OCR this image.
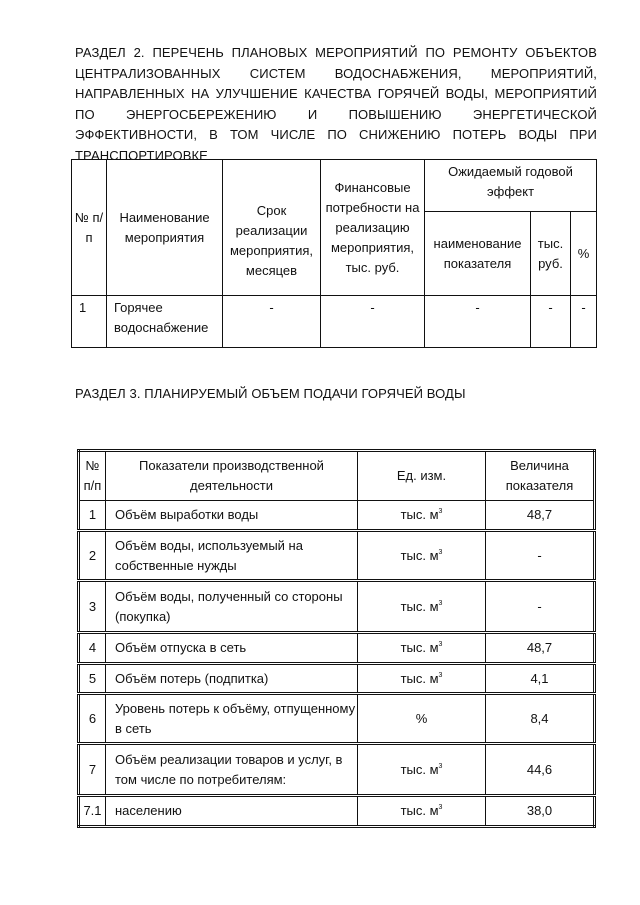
РАЗДЕЛ 2. ПЕРЕЧЕНЬ ПЛАНОВЫХ МЕРОПРИЯТИЙ ПО РЕМОНТУ ОБЪЕКТОВ ЦЕНТРАЛИЗОВАННЫХ СИСТЕМ ВОДОСНАБЖЕНИЯ, МЕРОПРИЯТИЙ, НАПРАВЛЕННЫХ НА УЛУЧШЕНИЕ КАЧЕСТВА ГОРЯЧЕЙ ВОДЫ, МЕРОПРИЯТИЙ ПО ЭНЕРГОСБЕРЕЖЕНИЮ И ПОВЫШЕНИЮ ЭНЕРГЕТИЧЕСКОЙ ЭФФЕКТИВНОСТИ, В ТОМ ЧИСЛЕ ПО СНИЖЕНИЮ ПОТЕРЬ ВОДЫ ПРИ ТРАНСПОРТИРОВКЕ
№ п/п	Наименование мероприятия	Срок реализации мероприятия, месяцев	Финансовые потребности на реализацию мероприятия, тыс. руб.	Ожидаемый годовой эффект		
				наименование показателя	тыс. руб.	%
1	Горячее водоснабжение	-	-	-	-	-
РАЗДЕЛ 3. ПЛАНИРУЕМЫЙ ОБЪЕМ ПОДАЧИ ГОРЯЧЕЙ ВОДЫ
№ п/п	Показатели производственной деятельности	Ед. изм.	Величина показателя
1	Объём выработки воды	тыс. $м^3$	48,7
2	Объём воды, используемый на собственные нужды	тыс. $м^3$	-
3	Объём воды, полученный со стороны (покупка)	тыс. $м^3$	-
4	Объём отпуска в сеть	тыс. $м^3$	48,7
5	Объём потерь (подпитка)	тыс. $м^3$	4,1
6	Уровень потерь к объёму, отпущенному в сеть	%	8,4
7	Объём реализации товаров и услуг, в том числе по потребителям:	тыс. $м^3$	44,6
7.1	населению	тыс. $м^3$	38,0
